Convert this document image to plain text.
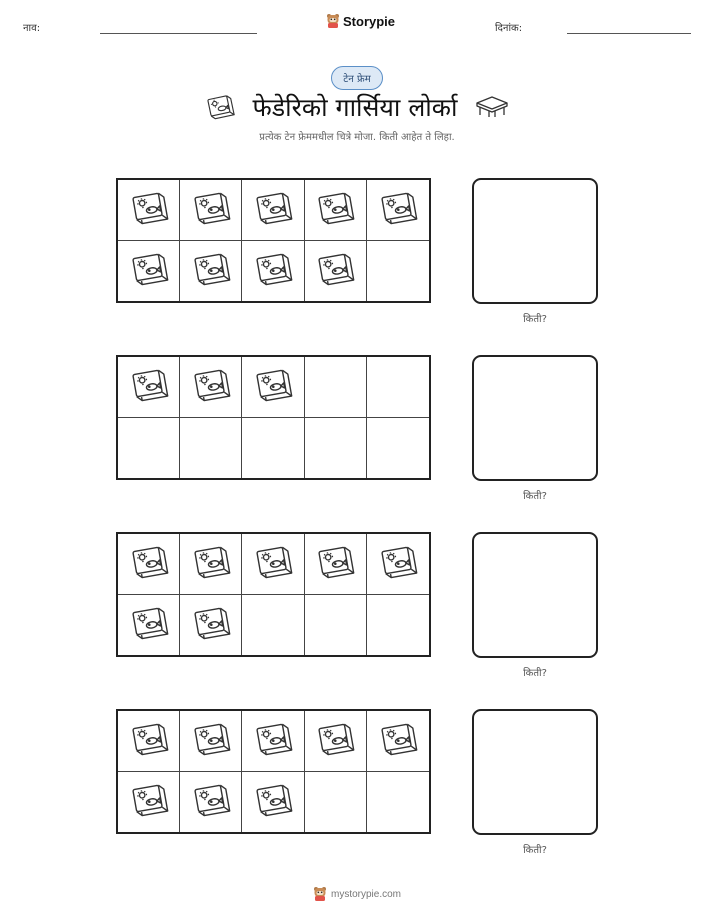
नाव:	Storypie	दिनांक:
टेन फ्रेम
फेडेरिको गार्सिया लोर्का
प्रत्येक टेन फ्रेममधील चित्रे मोजा. किती आहेत ते लिहा.
किती?
किती?
किती?
किती?
mystorypie.com
